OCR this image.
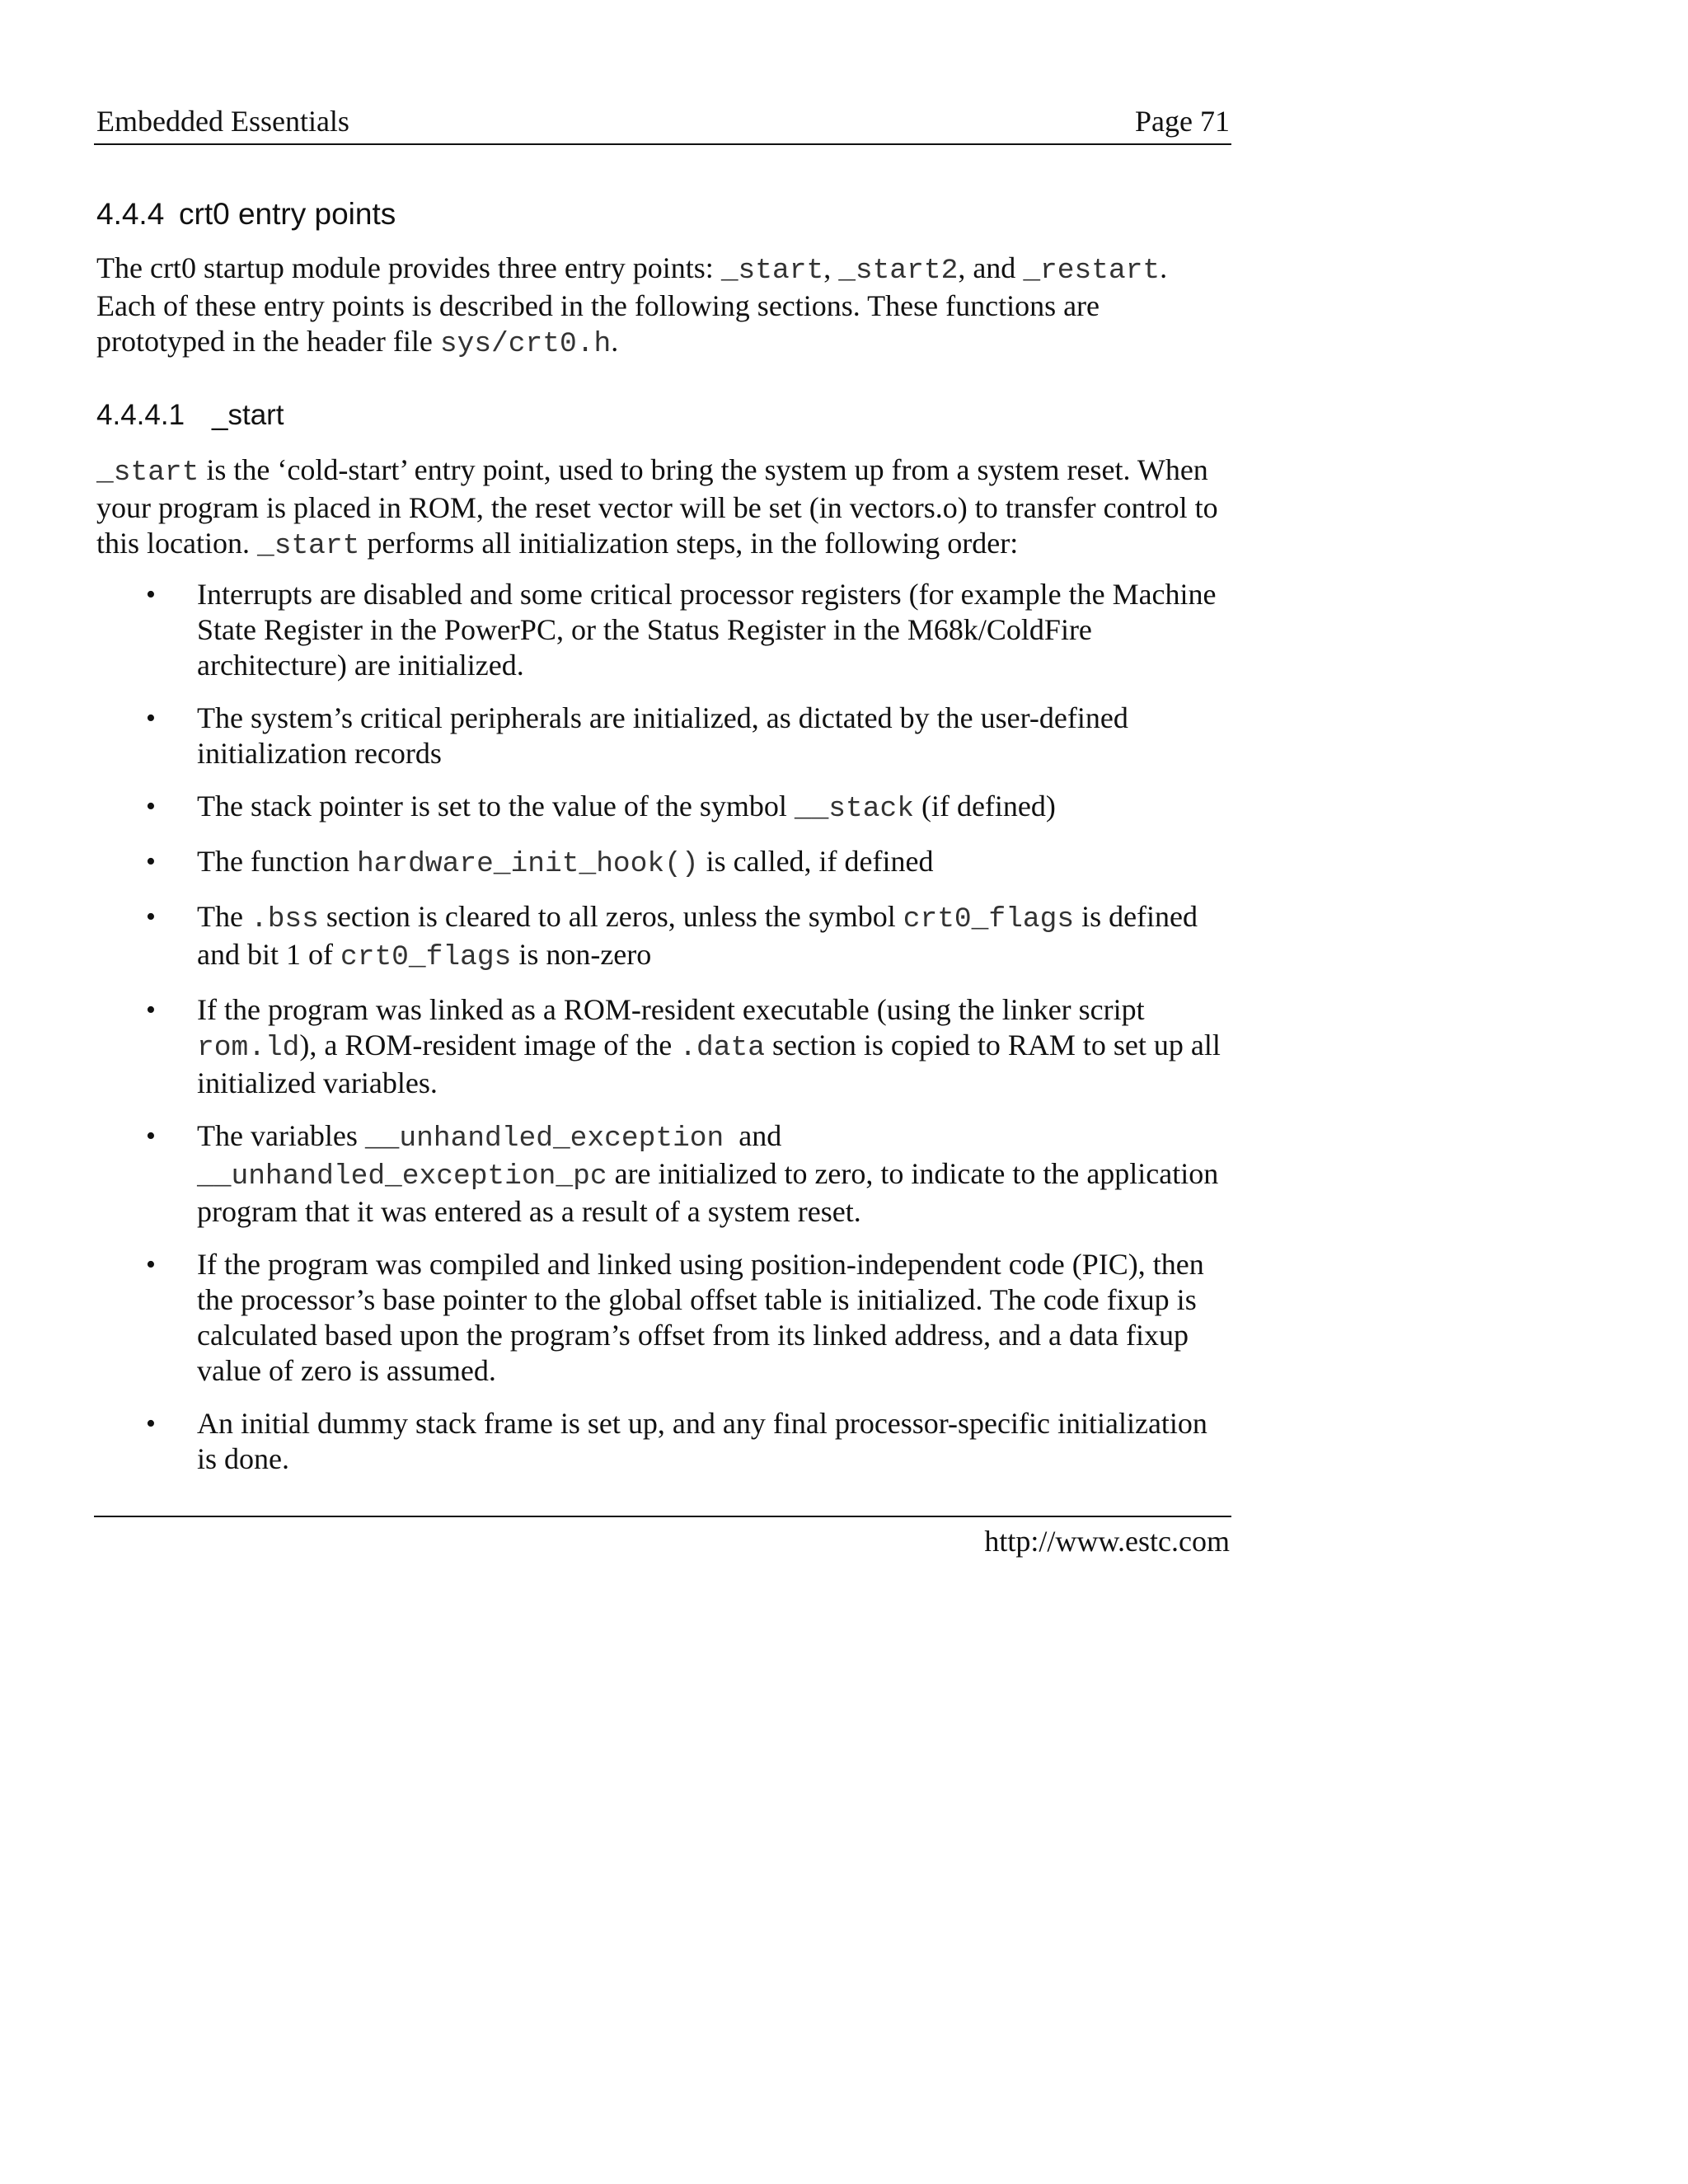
Embedded Essentials	Page 71
4.4.4 crt0 entry points

The crt0 startup module provides three entry points: _start, _start2, and _restart. Each of these entry points is described in the following sections. These functions are prototyped in the header file sys/crt0.h.

4.4.4.1 _start

_start is the ‘cold-start’ entry point, used to bring the system up from a system reset. When your program is placed in ROM, the reset vector will be set (in vectors.o) to transfer control to this location. _start performs all initialization steps, in the following order:

• Interrupts are disabled and some critical processor registers (for example the Machine State Register in the PowerPC, or the Status Register in the M68k/ColdFire architecture) are initialized.
• The system’s critical peripherals are initialized, as dictated by the user-defined initialization records
• The stack pointer is set to the value of the symbol __stack (if defined)
• The function hardware_init_hook() is called, if defined
• The .bss section is cleared to all zeros, unless the symbol crt0_flags is defined and bit 1 of crt0_flags is non-zero
• If the program was linked as a ROM-resident executable (using the linker script rom.ld), a ROM-resident image of the .data section is copied to RAM to set up all initialized variables.
• The variables __unhandled_exception  and
__unhandled_exception_pc are initialized to zero, to indicate to the application program that it was entered as a result of a system reset.
• If the program was compiled and linked using position-independent code (PIC), then the processor’s base pointer to the global offset table is initialized. The code fixup is calculated based upon the program’s offset from its linked address, and a data fixup value of zero is assumed.
• An initial dummy stack frame is set up, and any final processor-specific initialization is done.
http://www.estc.com
